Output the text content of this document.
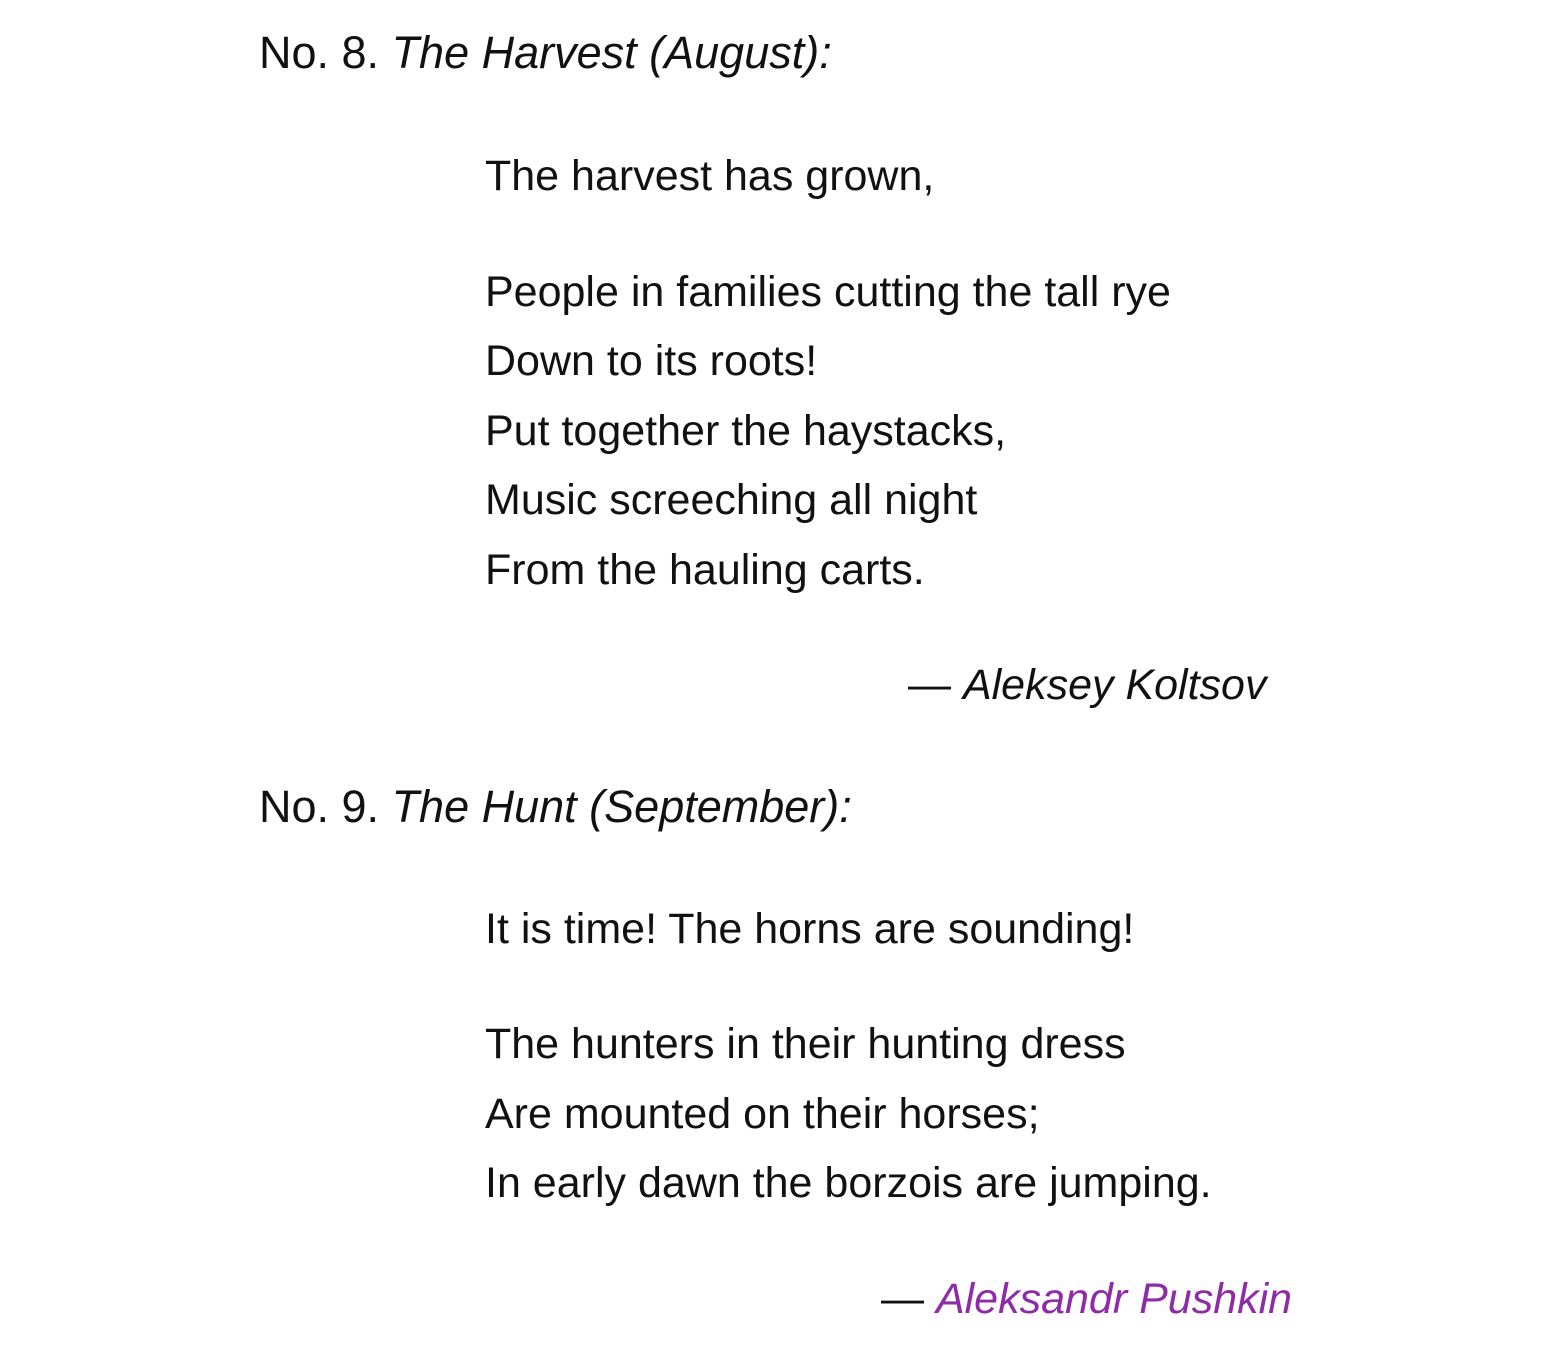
No. 8. The Harvest (August):

The harvest has grown,

People in families cutting the tall rye

Down to its roots!

Put together the haystacks,

Music screeching all night

From the hauling carts.

— Aleksey Koltsov

No. 9. The Hunt (September):

It is time! The horns are sounding!

The hunters in their hunting dress

Are mounted on their horses;

In early dawn the borzois are jumping.

— Aleksandr Pushkin
